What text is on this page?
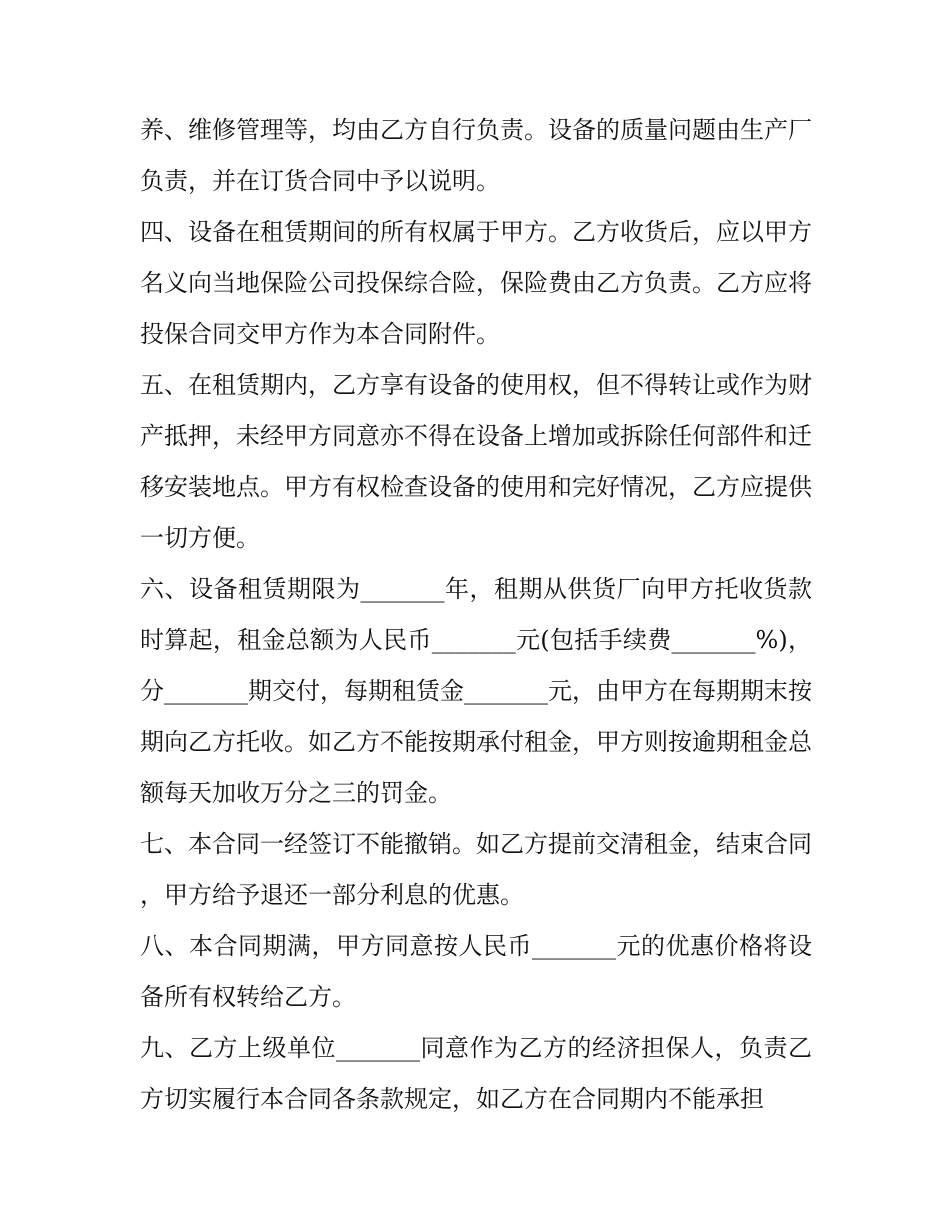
养、维修管理等，均由乙方自行负责。设备的质量问题由生产厂负责，并在订货合同中予以说明。

四、设备在租赁期间的所有权属于甲方。乙方收货后，应以甲方名义向当地保险公司投保综合险，保险费由乙方负责。乙方应将投保合同交甲方作为本合同附件。

五、在租赁期内，乙方享有设备的使用权，但不得转让或作为财产抵押，未经甲方同意亦不得在设备上增加或拆除任何部件和迁移安装地点。甲方有权检查设备的使用和完好情况，乙方应提供一切方便。

六、设备租赁期限为_______年，租期从供货厂向甲方托收货款时算起，租金总额为人民币_______元(包括手续费_______%)，分_______期交付，每期租赁金_______元，由甲方在每期期末按期向乙方托收。如乙方不能按期承付租金，甲方则按逾期租金总额每天加收万分之三的罚金。

七、本合同一经签订不能撤销。如乙方提前交清租金，结束合同，甲方给予退还一部分利息的优惠。

八、本合同期满，甲方同意按人民币_______元的优惠价格将设备所有权转给乙方。

九、乙方上级单位_______同意作为乙方的经济担保人，负责乙方切实履行本合同各条款规定，如乙方在合同期内不能承担
